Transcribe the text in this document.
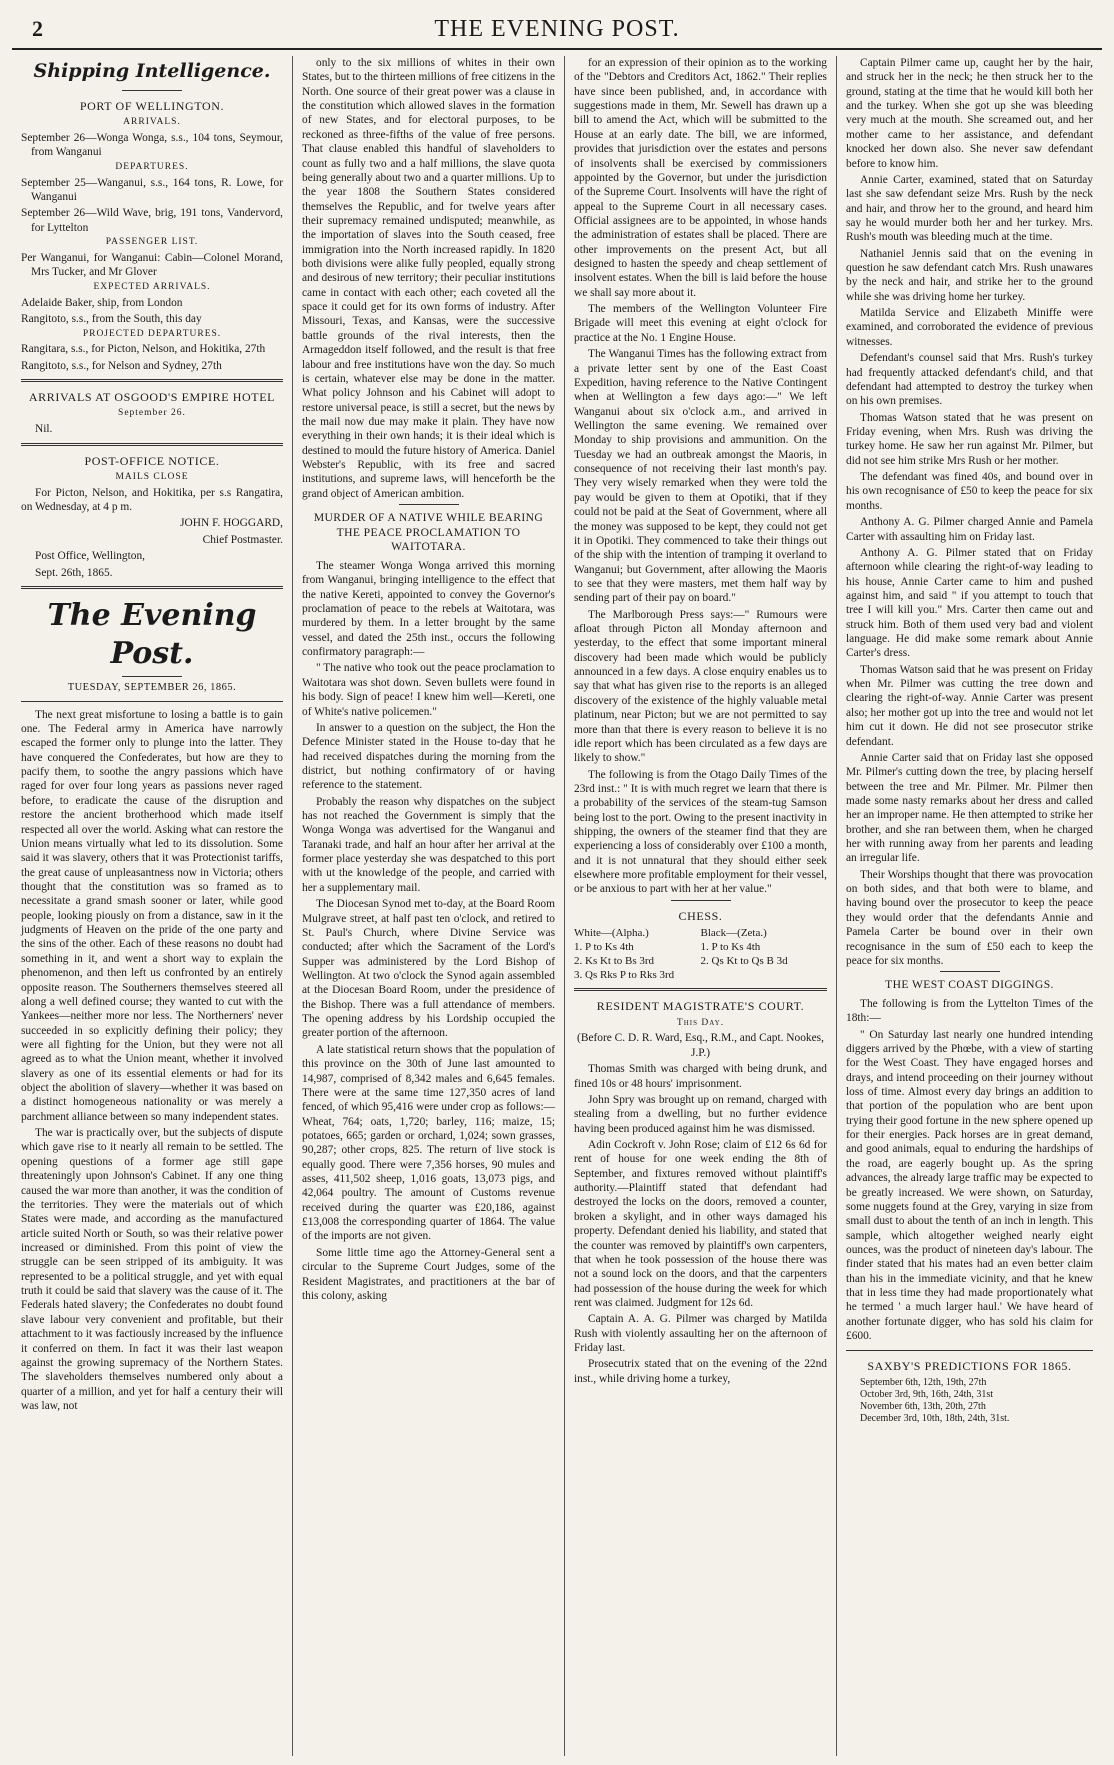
2	THE EVENING POST.
Shipping Intelligence.
PORT OF WELLINGTON.
ARRIVALS.

September 26—Wonga Wonga, s.s., 104 tons, Seymour, from Wanganui

DEPARTURES.

September 25—Wanganui, s.s., 164 tons, R. Lowe, for Wanganui

September 26—Wild Wave, brig, 191 tons, Vandervord, for Lyttelton

PASSENGER LIST.

Per Wanganui, for Wanganui: Cabin—Colonel Morand, Mrs Tucker, and Mr Glover

EXPECTED ARRIVALS.

Adelaide Baker, ship, from London

Rangitoto, s.s., from the South, this day

PROJECTED DEPARTURES.

Rangitara, s.s., for Picton, Nelson, and Hokitika, 27th

Rangitoto, s.s., for Nelson and Sydney, 27th

ARRIVALS AT OSGOOD'S EMPIRE HOTEL
September 26.

Nil.

POST-OFFICE NOTICE.
MAILS CLOSE

For Picton, Nelson, and Hokitika, per s.s Rangatira, on Wednesday, at 4 p m.

JOHN F. HOGGARD,

Chief Postmaster.

Post Office, Wellington,

Sept. 26th, 1865.

The Evening Post.
TUESDAY, SEPTEMBER 26, 1865.

The next great misfortune to losing a battle is to gain one. The Federal army in America have narrowly escaped the former only to plunge into the latter. They have conquered the Confederates, but how are they to pacify them, to soothe the angry passions which have raged for over four long years as passions never raged before, to eradicate the cause of the disruption and restore the ancient brotherhood which made itself respected all over the world. Asking what can restore the Union means virtually what led to its dissolution. Some said it was slavery, others that it was Protectionist tariffs, the great cause of unpleasantness now in Victoria; others thought that the constitution was so framed as to necessitate a grand smash sooner or later, while good people, looking piously on from a distance, saw in it the judgments of Heaven on the pride of the one party and the sins of the other. Each of these reasons no doubt had something in it, and went a short way to explain the phenomenon, and then left us confronted by an entirely opposite reason. The Southerners themselves steered all along a well defined course; they wanted to cut with the Yankees—neither more nor less. The Northerners' never succeeded in so explicitly defining their policy; they were all fighting for the Union, but they were not all agreed as to what the Union meant, whether it involved slavery as one of its essential elements or had for its object the abolition of slavery—whether it was based on a distinct homogeneous nationality or was merely a parchment alliance between so many independent states.

The war is practically over, but the subjects of dispute which gave rise to it nearly all remain to be settled. The opening questions of a former age still gape threateningly upon Johnson's Cabinet. If any one thing caused the war more than another, it was the condition of the territories. They were the materials out of which States were made, and according as the manufactured article suited North or South, so was their relative power increased or diminished. From this point of view the struggle can be seen stripped of its ambiguity. It was represented to be a political struggle, and yet with equal truth it could be said that slavery was the cause of it. The Federals hated slavery; the Confederates no doubt found slave labour very convenient and profitable, but their attachment to it was factiously increased by the influence it conferred on them. In fact it was their last weapon against the growing supremacy of the Northern States. The slaveholders themselves numbered only about a quarter of a million, and yet for half a century their will was law, not

only to the six millions of whites in their own States, but to the thirteen millions of free citizens in the North. One source of their great power was a clause in the constitution which allowed slaves in the formation of new States, and for electoral purposes, to be reckoned as three-fifths of the value of free persons. That clause enabled this handful of slaveholders to count as fully two and a half millions, the slave quota being generally about two and a quarter millions. Up to the year 1808 the Southern States considered themselves the Republic, and for twelve years after their supremacy remained undisputed; meanwhile, as the importation of slaves into the South ceased, free immigration into the North increased rapidly. In 1820 both divisions were alike fully peopled, equally strong and desirous of new territory; their peculiar institutions came in contact with each other; each coveted all the space it could get for its own forms of industry. After Missouri, Texas, and Kansas, were the successive battle grounds of the rival interests, then the Armageddon itself followed, and the result is that free labour and free institutions have won the day. So much is certain, whatever else may be done in the matter. What policy Johnson and his Cabinet will adopt to restore universal peace, is still a secret, but the news by the mail now due may make it plain. They have now everything in their own hands; it is their ideal which is destined to mould the future history of America. Daniel Webster's Republic, with its free and sacred institutions, and supreme laws, will henceforth be the grand object of American ambition.

MURDER OF A NATIVE WHILE BEARING THE PEACE PROCLAMATION TO WAITOTARA.

The steamer Wonga Wonga arrived this morning from Wanganui, bringing intelligence to the effect that the native Kereti, appointed to convey the Governor's proclamation of peace to the rebels at Waitotara, was murdered by them. In a letter brought by the same vessel, and dated the 25th inst., occurs the following confirmatory paragraph:—

" The native who took out the peace proclamation to Waitotara was shot down. Seven bullets were found in his body. Sign of peace! I knew him well—Kereti, one of White's native policemen."

In answer to a question on the subject, the Hon the Defence Minister stated in the House to-day that he had received dispatches during the morning from the district, but nothing confirmatory of or having reference to the statement.

Probably the reason why dispatches on the subject has not reached the Government is simply that the Wonga Wonga was advertised for the Wanganui and Taranaki trade, and half an hour after her arrival at the former place yesterday she was despatched to this port with ut the knowledge of the people, and carried with her a supplementary mail.

The Diocesan Synod met to-day, at the Board Room Mulgrave street, at half past ten o'clock, and retired to St. Paul's Church, where Divine Service was conducted; after which the Sacrament of the Lord's Supper was administered by the Lord Bishop of Wellington. At two o'clock the Synod again assembled at the Diocesan Board Room, under the presidence of the Bishop. There was a full attendance of members. The opening address by his Lordship occupied the greater portion of the afternoon.

A late statistical return shows that the population of this province on the 30th of June last amounted to 14,987, comprised of 8,342 males and 6,645 females. There were at the same time 127,350 acres of land fenced, of which 95,416 were under crop as follows:—Wheat, 764; oats, 1,720; barley, 116; maize, 15; potatoes, 665; garden or orchard, 1,024; sown grasses, 90,287; other crops, 825. The return of live stock is equally good. There were 7,356 horses, 90 mules and asses, 411,502 sheep, 1,016 goats, 13,073 pigs, and 42,064 poultry. The amount of Customs revenue received during the quarter was £20,186, against £13,008 the corresponding quarter of 1864. The value of the imports are not given.

Some little time ago the Attorney-General sent a circular to the Supreme Court Judges, some of the Resident Magistrates, and practitioners at the bar of this colony, asking

for an expression of their opinion as to the working of the "Debtors and Creditors Act, 1862." Their replies have since been published, and, in accordance with suggestions made in them, Mr. Sewell has drawn up a bill to amend the Act, which will be submitted to the House at an early date. The bill, we are informed, provides that jurisdiction over the estates and persons of insolvents shall be exercised by commissioners appointed by the Governor, but under the jurisdiction of the Supreme Court. Insolvents will have the right of appeal to the Supreme Court in all necessary cases. Official assignees are to be appointed, in whose hands the administration of estates shall be placed. There are other improvements on the present Act, but all designed to hasten the speedy and cheap settlement of insolvent estates. When the bill is laid before the house we shall say more about it.

The members of the Wellington Volunteer Fire Brigade will meet this evening at eight o'clock for practice at the No. 1 Engine House.

The Wanganui Times has the following extract from a private letter sent by one of the East Coast Expedition, having reference to the Native Contingent when at Wellington a few days ago:—" We left Wanganui about six o'clock a.m., and arrived in Wellington the same evening. We remained over Monday to ship provisions and ammunition. On the Tuesday we had an outbreak amongst the Maoris, in consequence of not receiving their last month's pay. They very wisely remarked when they were told the pay would be given to them at Opotiki, that if they could not be paid at the Seat of Government, where all the money was supposed to be kept, they could not get it in Opotiki. They commenced to take their things out of the ship with the intention of tramping it overland to Wanganui; but Government, after allowing the Maoris to see that they were masters, met them half way by sending part of their pay on board."

The Marlborough Press says:—" Rumours were afloat through Picton all Monday afternoon and yesterday, to the effect that some important mineral discovery had been made which would be publicly announced in a few days. A close enquiry enables us to say that what has given rise to the reports is an alleged discovery of the existence of the highly valuable metal platinum, near Picton; but we are not permitted to say more than that there is every reason to believe it is no idle report which has been circulated as a few days are likely to show."

The following is from the Otago Daily Times of the 23rd inst.: " It is with much regret we learn that there is a probability of the services of the steam-tug Samson being lost to the port. Owing to the present inactivity in shipping, the owners of the steamer find that they are experiencing a loss of considerably over £100 a month, and it is not unnatural that they should either seek elsewhere more profitable employment for their vessel, or be anxious to part with her at her value."

CHESS.
White—(Alpha.)	Black—(Zeta.)
1. P to Ks 4th	1. P to Ks 4th
2. Ks Kt to Bs 3rd	2. Qs Kt to Qs B 3d
3. Qs Rks P to Rks 3rd
RESIDENT MAGISTRATE'S COURT.
This Day.

(Before C. D. R. Ward, Esq., R.M., and Capt. Nookes, J.P.)

Thomas Smith was charged with being drunk, and fined 10s or 48 hours' imprisonment.

John Spry was brought up on remand, charged with stealing from a dwelling, but no further evidence having been produced against him he was dismissed.

Adin Cockroft v. John Rose; claim of £12 6s 6d for rent of house for one week ending the 8th of September, and fixtures removed without plaintiff's authority.—Plaintiff stated that defendant had destroyed the locks on the doors, removed a counter, broken a skylight, and in other ways damaged his property. Defendant denied his liability, and stated that the counter was removed by plaintiff's own carpenters, that when he took possession of the house there was not a sound lock on the doors, and that the carpenters had possession of the house during the week for which rent was claimed. Judgment for 12s 6d.

Captain A. A. G. Pilmer was charged by Matilda Rush with violently assaulting her on the afternoon of Friday last.

Prosecutrix stated that on the evening of the 22nd inst., while driving home a turkey,

Captain Pilmer came up, caught her by the hair, and struck her in the neck; he then struck her to the ground, stating at the time that he would kill both her and the turkey. When she got up she was bleeding very much at the mouth. She screamed out, and her mother came to her assistance, and defendant knocked her down also. She never saw defendant before to know him.

Annie Carter, examined, stated that on Saturday last she saw defendant seize Mrs. Rush by the neck and hair, and throw her to the ground, and heard him say he would murder both her and her turkey. Mrs. Rush's mouth was bleeding much at the time.

Nathaniel Jennis said that on the evening in question he saw defendant catch Mrs. Rush unawares by the neck and hair, and strike her to the ground while she was driving home her turkey.

Matilda Service and Elizabeth Miniffe were examined, and corroborated the evidence of previous witnesses.

Defendant's counsel said that Mrs. Rush's turkey had frequently attacked defendant's child, and that defendant had attempted to destroy the turkey when on his own premises.

Thomas Watson stated that he was present on Friday evening, when Mrs. Rush was driving the turkey home. He saw her run against Mr. Pilmer, but did not see him strike Mrs Rush or her mother.

The defendant was fined 40s, and bound over in his own recognisance of £50 to keep the peace for six months.

Anthony A. G. Pilmer charged Annie and Pamela Carter with assaulting him on Friday last.

Anthony A. G. Pilmer stated that on Friday afternoon while clearing the right-of-way leading to his house, Annie Carter came to him and pushed against him, and said " if you attempt to touch that tree I will kill you." Mrs. Carter then came out and struck him. Both of them used very bad and violent language. He did make some remark about Annie Carter's dress.

Thomas Watson said that he was present on Friday when Mr. Pilmer was cutting the tree down and clearing the right-of-way. Annie Carter was present also; her mother got up into the tree and would not let him cut it down. He did not see prosecutor strike defendant.

Annie Carter said that on Friday last she opposed Mr. Pilmer's cutting down the tree, by placing herself between the tree and Mr. Pilmer. Mr. Pilmer then made some nasty remarks about her dress and called her an improper name. He then attempted to strike her brother, and she ran between them, when he charged her with running away from her parents and leading an irregular life.

Their Worships thought that there was provocation on both sides, and that both were to blame, and having bound over the prosecutor to keep the peace they would order that the defendants Annie and Pamela Carter be bound over in their own recognisance in the sum of £50 each to keep the peace for six months.

THE WEST COAST DIGGINGS.

The following is from the Lyttelton Times of the 18th:—

" On Saturday last nearly one hundred intending diggers arrived by the Phœbe, with a view of starting for the West Coast. They have engaged horses and drays, and intend proceeding on their journey without loss of time. Almost every day brings an addition to that portion of the population who are bent upon trying their good fortune in the new sphere opened up for their energies. Pack horses are in great demand, and good animals, equal to enduring the hardships of the road, are eagerly bought up. As the spring advances, the already large traffic may be expected to be greatly increased. We were shown, on Saturday, some nuggets found at the Grey, varying in size from small dust to about the tenth of an inch in length. This sample, which altogether weighed nearly eight ounces, was the product of nineteen day's labour. The finder stated that his mates had an even better claim than his in the immediate vicinity, and that he knew that in less time they had made proportionately what he termed ' a much larger haul.' We have heard of another fortunate digger, who has sold his claim for £600.

SAXBY'S PREDICTIONS FOR 1865.
September 6th, 12th, 19th, 27th
October 3rd, 9th, 16th, 24th, 31st
November 6th, 13th, 20th, 27th
December 3rd, 10th, 18th, 24th, 31st.
